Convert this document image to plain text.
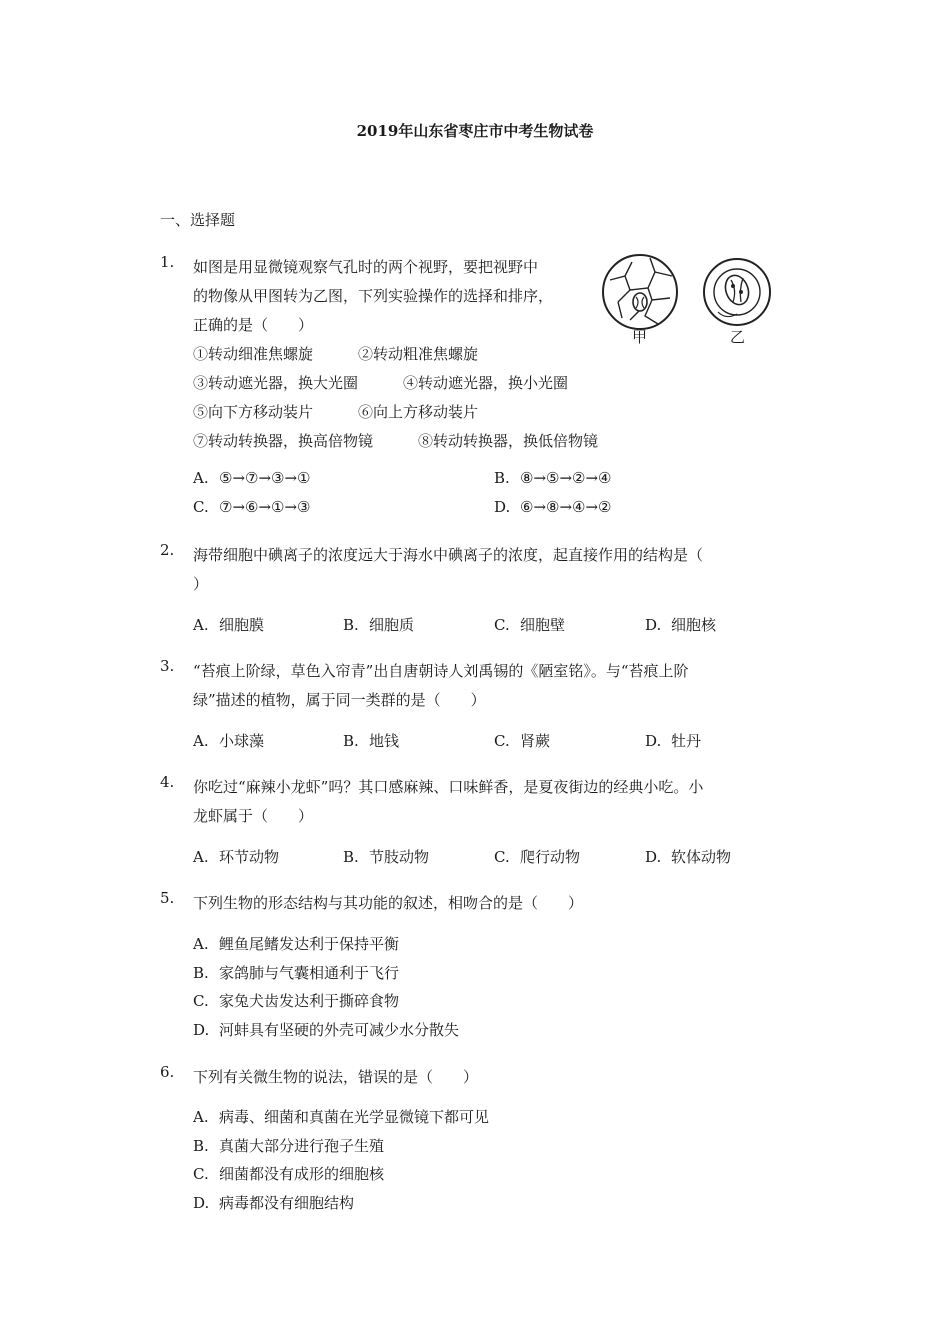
2019年山东省枣庄市中考生物试卷
一、选择题
甲	乙
1.	如图是用显微镜观察气孔时的两个视野，要把视野中
的物像从甲图转为乙图，下列实验操作的选择和排序，
正确的是（　　）
①转动细准焦螺旋　　　②转动粗准焦螺旋
③转动遮光器，换大光圈　　　④转动遮光器，换小光圈
⑤向下方移动装片　　　⑥向上方移动装片
⑦转动转换器，换高倍物镜　　　⑧转动转换器，换低倍物镜
A. ⑤→⑦→③→①	B. ⑧→⑤→②→④
C. ⑦→⑥→①→③	D. ⑥→⑧→④→②
2.	海带细胞中碘离子的浓度远大于海水中碘离子的浓度，起直接作用的结构是（
）
A. 细胞膜	B. 细胞质	C. 细胞壁	D. 细胞核
3.	“苔痕上阶绿，草色入帘青”出自唐朝诗人刘禹锡的《陋室铭》。与“苔痕上阶
绿”描述的植物，属于同一类群的是（　　）
A. 小球藻	B. 地钱	C. 肾蕨	D. 牡丹
4.	你吃过“麻辣小龙虾”吗？其口感麻辣、口味鲜香，是夏夜街边的经典小吃。小
龙虾属于（　　）
A. 环节动物	B. 节肢动物	C. 爬行动物	D. 软体动物
5.	下列生物的形态结构与其功能的叙述，相吻合的是（　　）
A. 鲤鱼尾鳍发达利于保持平衡
B. 家鸽肺与气囊相通利于飞行
C. 家兔犬齿发达利于撕碎食物
D. 河蚌具有坚硬的外壳可减少水分散失
6.	下列有关微生物的说法，错误的是（　　）
A. 病毒、细菌和真菌在光学显微镜下都可见
B. 真菌大部分进行孢子生殖
C. 细菌都没有成形的细胞核
D. 病毒都没有细胞结构
